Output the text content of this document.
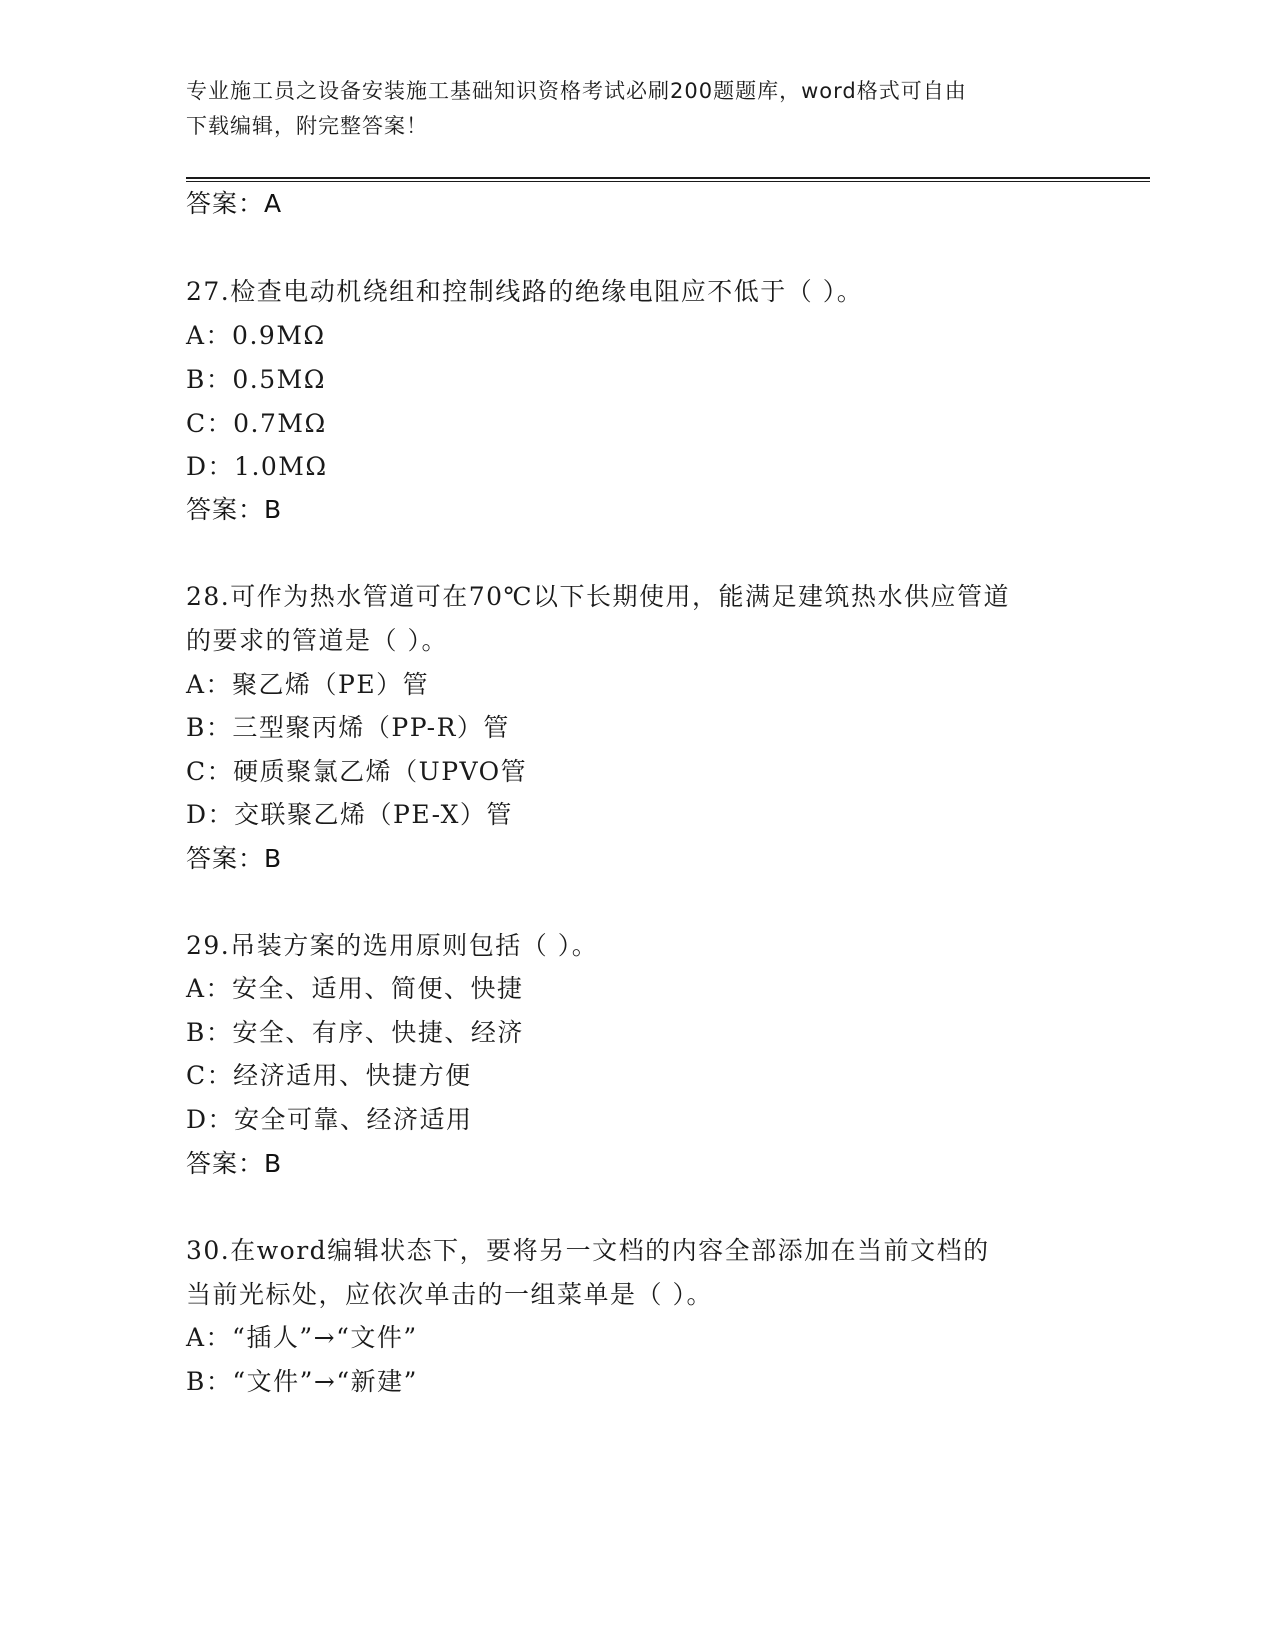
专业施工员之设备安装施工基础知识资格考试必刷200题题库，word格式可自由
下载编辑，附完整答案！
答案：A
27.检查电动机绕组和控制线路的绝缘电阻应不低于（ ）。
A：0.9MΩ
B：0.5MΩ
C：0.7MΩ
D：1.0MΩ
答案：B
28.可作为热水管道可在70℃以下长期使用，能满足建筑热水供应管道
的要求的管道是（ ）。
A：聚乙烯（PE）管
B：三型聚丙烯（PP-R）管
C：硬质聚氯乙烯（UPVO管
D：交联聚乙烯（PE-X）管
答案：B
29.吊装方案的选用原则包括（ ）。
A：安全、适用、简便、快捷
B：安全、有序、快捷、经济
C：经济适用、快捷方便
D：安全可靠、经济适用
答案：B
30.在word编辑状态下，要将另一文档的内容全部添加在当前文档的
当前光标处，应依次单击的一组菜单是（ ）。
A：“插人”→“文件”
B：“文件”→“新建”
